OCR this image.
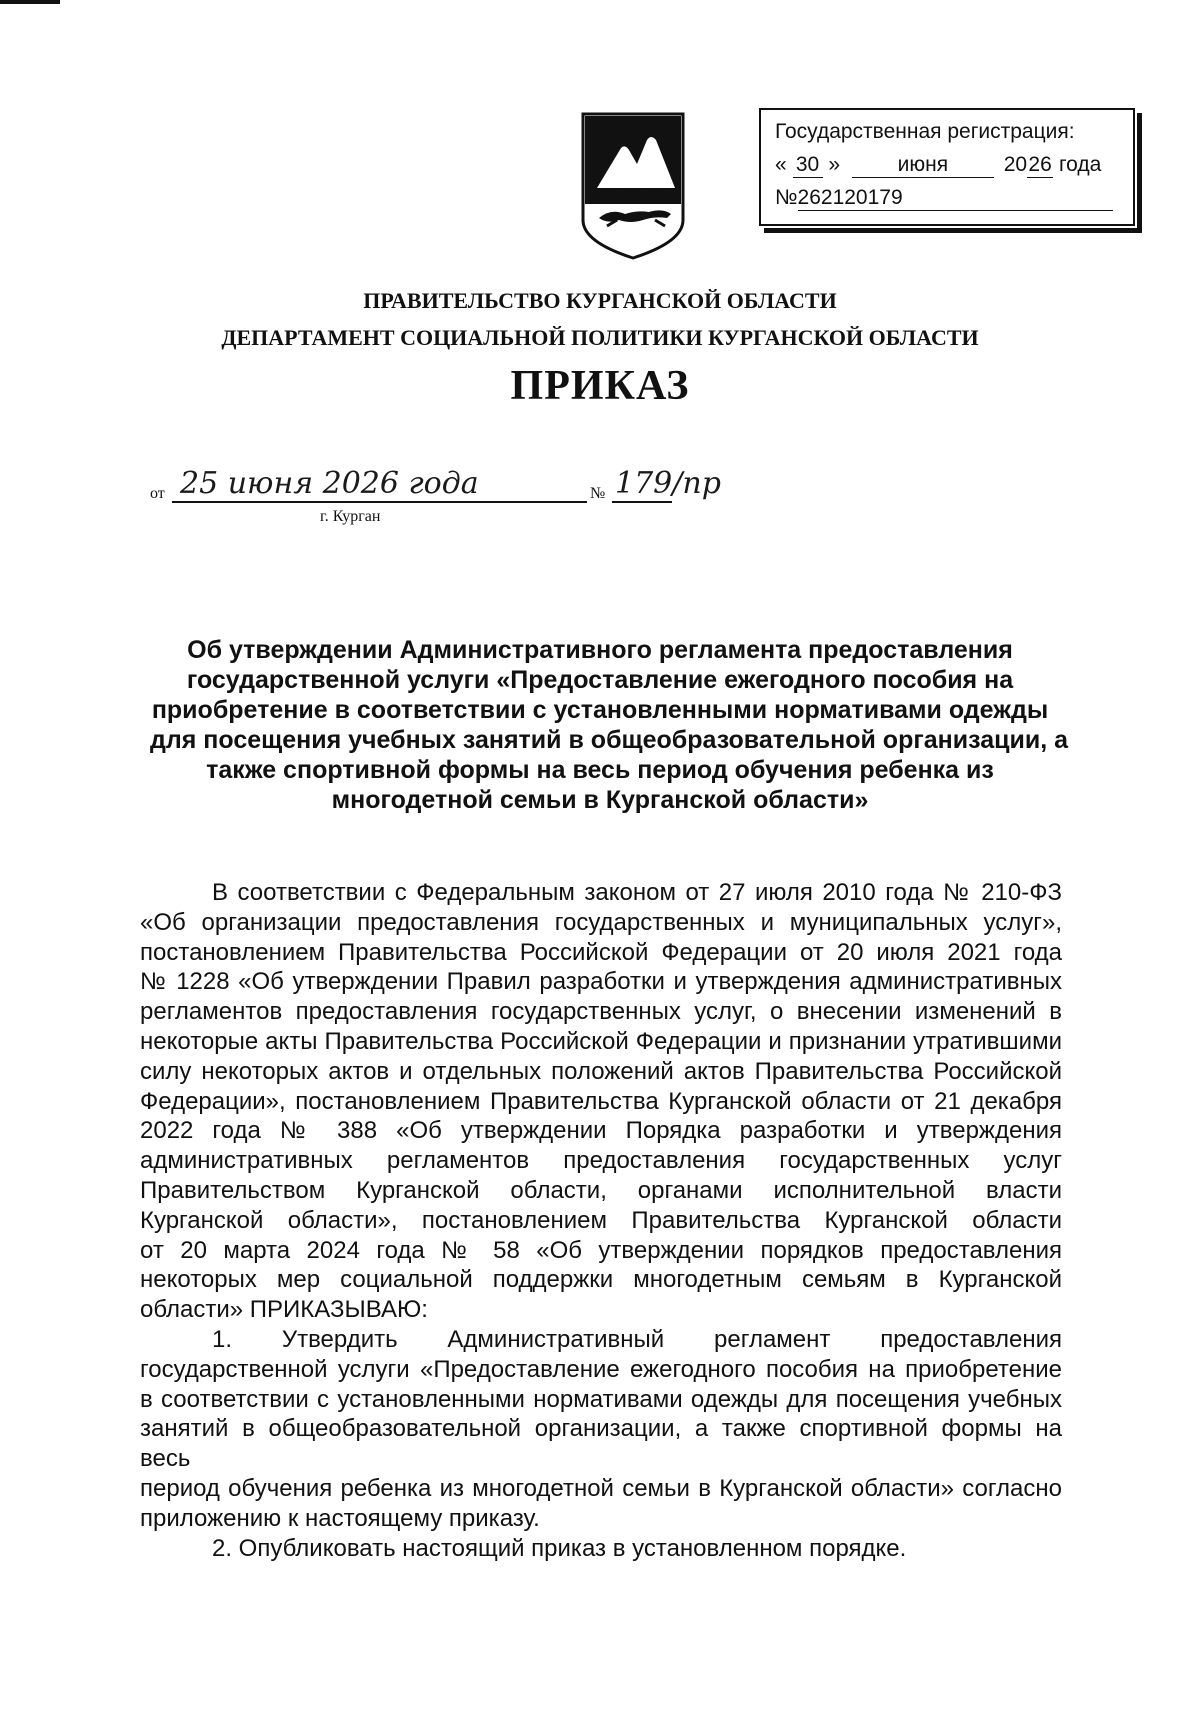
Государственная регистрация:
« 30 »	июня	2026 года
№262120179
ПРАВИТЕЛЬСТВО КУРГАНСКОЙ ОБЛАСТИ
ДЕПАРТАМЕНТ СОЦИАЛЬНОЙ ПОЛИТИКИ КУРГАНСКОЙ ОБЛАСТИ
ПРИКАЗ
от 25 июня 2026 года	№ 179/пр
г. Курган
Об утверждении Административного регламента предоставления
государственной услуги «Предоставление ежегодного пособия на
приобретение в соответствии с установленными нормативами одежды
для посещения учебных занятий в общеобразовательной организации, а
также спортивной формы на весь период обучения ребенка из
многодетной семьи в Курганской области»

В соответствии с Федеральным законом от 27 июля 2010 года № 210-ФЗ

«Об организации предоставления государственных и муниципальных услуг»,

постановлением Правительства Российской Федерации от 20 июля 2021 года

№ 1228 «Об утверждении Правил разработки и утверждения административных

регламентов предоставления государственных услуг, о внесении изменений в

некоторые акты Правительства Российской Федерации и признании утратившими

силу некоторых актов и отдельных положений актов Правительства Российской

Федерации», постановлением Правительства Курганской области от 21 декабря

2022 года № 388 «Об утверждении Порядка разработки и утверждения

административных регламентов предоставления государственных услуг

Правительством Курганской области, органами исполнительной власти

Курганской области», постановлением Правительства Курганской области

от 20 марта 2024 года № 58 «Об утверждении порядков предоставления

некоторых мер социальной поддержки многодетным семьям в Курганской

области» ПРИКАЗЫВАЮ:

1. Утвердить Административный регламент предоставления

государственной услуги «Предоставление ежегодного пособия на приобретение

в соответствии с установленными нормативами одежды для посещения учебных

занятий в общеобразовательной организации, а также спортивной формы на весь

период обучения ребенка из многодетной семьи в Курганской области» согласно

приложению к настоящему приказу.

2. Опубликовать настоящий приказ в установленном порядке.
